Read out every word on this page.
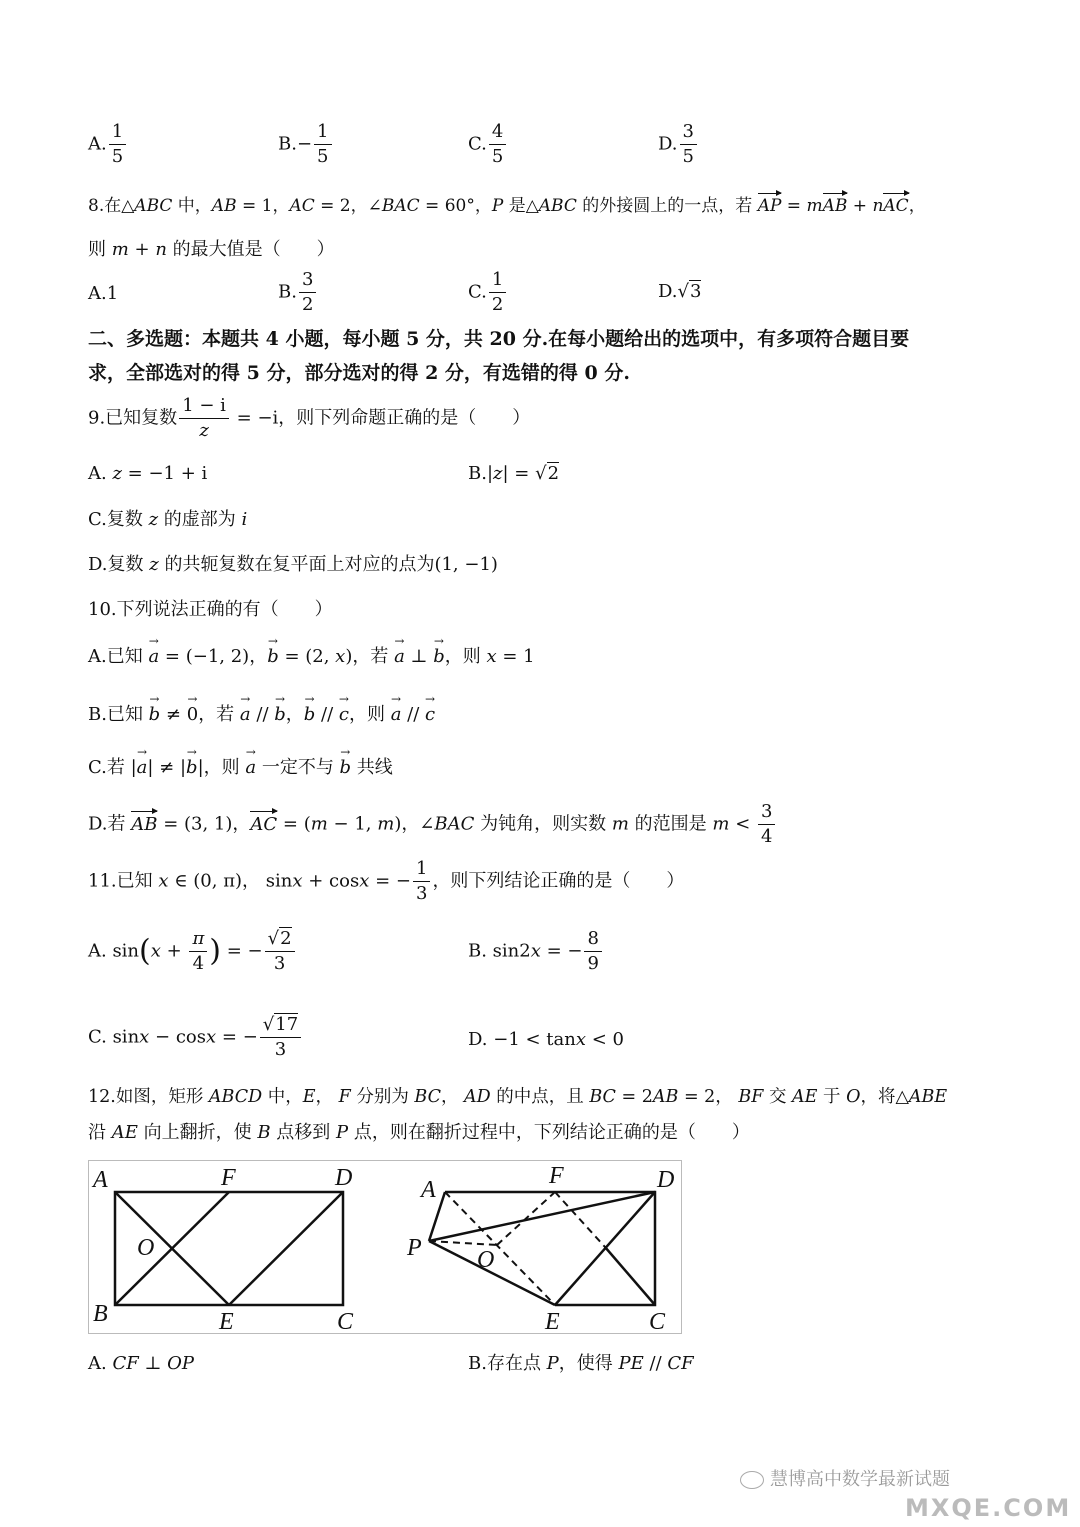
A. $\frac{1}{5}$	$B.- \frac{1}{5}$	C. $\frac{4}{5}$	D. $\frac{3}{5}$
8.在△ABC 中，AB = 1，AC = 2，∠BAC = 60°，P 是△ABC 的外接圆上的一点，若 AP = mAB + nAC，
则 m + n 的最大值是（　　）
A.1	B. $\frac{3}{2}$	C. $\frac{1}{2}$	D.√3
二、多选题：本题共 4 小题，每小题 5 分，共 20 分.在每小题给出的选项中，有多项符合题目要
求，全部选对的得 5 分，部分选对的得 2 分，有选错的得 0 分.
9.已知复数 $\frac{1 - i}{z} = -i$，则下列命题正确的是（　　）
A. z = −1 + i	B.|z| = √2
C.复数 z 的虚部为 i
D.复数 z 的共轭复数在复平面上对应的点为(1, −1)
10.下列说法正确的有（　　）
A.已知 → a = (−1, 2)，→ b = (2, x)，若 → a ⊥ → b，则 x = 1
B.已知 → b ≠ → 0，若 → a // → b，→ b // → c，则 → a // → c
C.若 |→ a| ≠ |→ b|，则 → a 一定不与 → b 共线
D.若 AB = (3, 1)，AC = (m − 1, m)，∠BAC 为钝角，则实数 m 的范围是 $m < \frac{3}{4}$
11.已知 x ∈ (0, π)， sinx + cosx = − $\frac{1}{3}$ ，则下列结论正确的是（　　）
A. $\sin(x + \frac{\pi}{4}$ ) = − $\frac{√2}{3}$	B. sin2x = − $\frac{8}{9}$
C. sinx − cosx = − $\frac{√17}{3}$	D. −1 < tanx < 0
12.如图，矩形 ABCD 中，E， F 分别为 BC， AD 的中点，且 BC = 2AB = 2， BF 交 AE 于 O，将△ABE
沿 AE 向上翻折，使 B 点移到 P 点，则在翻折过程中，下列结论正确的是（　　）
A	F	D
O
B	E	C
A
F	D
P O
E	C
A. CF ⊥ OP	B.存在点 P，使得 PE // CF
慧博高中数学最新试题
MXQE.COM
